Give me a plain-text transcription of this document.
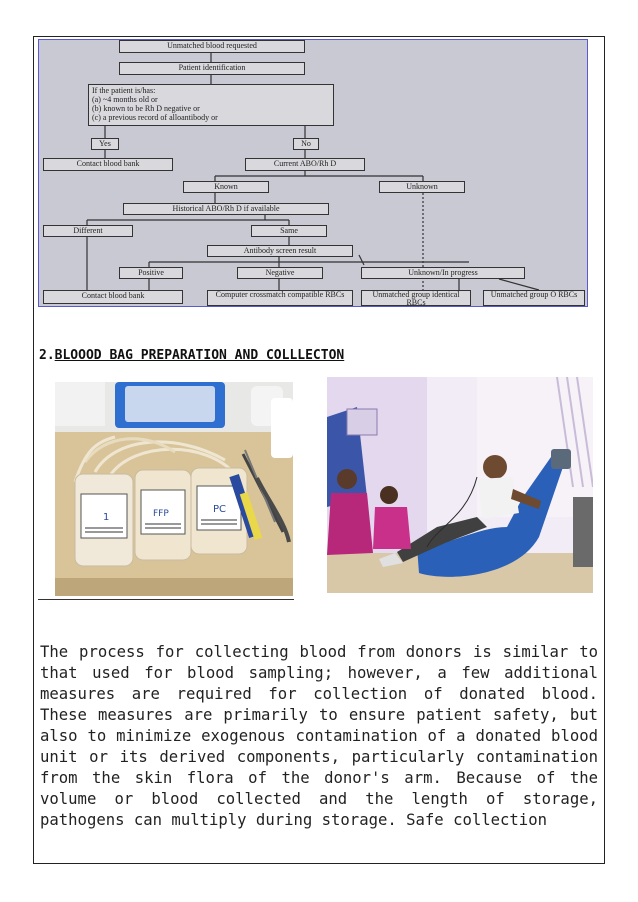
Unmatched blood requested
Patient identification
If the patient is/has:
(a) ~4 months old or
(b) known to be Rh D negative or
(c) a previous record of alloantibody or
Yes	No
Contact blood bank	Current ABO/Rh D
Known	Unknown
Historical ABO/Rh D if available
Different	Same
Antibody screen result
Positive	Negative	Unknown/In progress
Contact blood bank	Computer crossmatch compatible RBCs	Unmatched group identical RBCs
Unmatched group O RBCs
2.BLOOOD BAG PREPARATION AND COLLLECTON
1	FFP	PC
The process for collecting blood from donors is similar to that used for blood sampling; however, a few additional measures are required for collection of donated blood. These measures are primarily to ensure patient safety, but also to minimize exogenous contamination of a donated blood unit or its derived components, particularly contamination from the skin flora of the donor's arm. Because of the volume or blood collected and the length of storage, pathogens can multiply during storage. Safe collection
